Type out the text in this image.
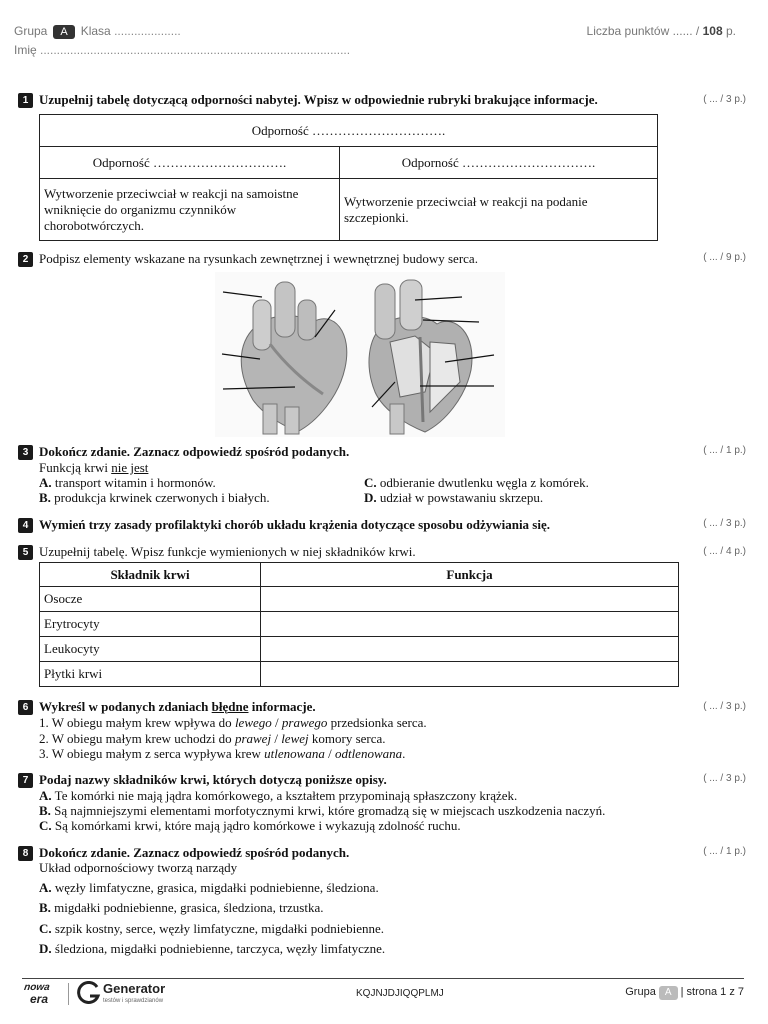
Grupa A Klasa ....................
Imię .............................................................................................
Liczba punktów ...... / 108 p.
1 Uzupełnij tabelę dotyczącą odporności nabytej. Wpisz w odpowiednie rubryki brakujące informacje.	( ... / 3 p.)
Odporność ………………………….	
Odporność ………………………….	Odporność ………………………….
Wytworzenie przeciwciał w reakcji na samoistne wniknięcie do organizmu czynników chorobotwórczych.	Wytworzenie przeciwciał w reakcji na podanie szczepionki.
2 Podpisz elementy wskazane na rysunkach zewnętrznej i wewnętrznej budowy serca.	( ... / 9 p.)
3 Dokończ zdanie. Zaznacz odpowiedź spośród podanych.	( ... / 1 p.)
Funkcją krwi nie jest
A. transport witamin i hormonów.
B. produkcja krwinek czerwonych i białych.
C. odbieranie dwutlenku węgla z komórek.
D. udział w powstawaniu skrzepu.
4 Wymień trzy zasady profilaktyki chorób układu krążenia dotyczące sposobu odżywiania się.	( ... / 3 p.)
5 Uzupełnij tabelę. Wpisz funkcje wymienionych w niej składników krwi.	( ... / 4 p.)
Składnik krwi	Funkcja
Osocze	
Erytrocyty	
Leukocyty	
Płytki krwi	
6 Wykreśl w podanych zdaniach błędne informacje.	( ... / 3 p.)
1. W obiegu małym krew wpływa do lewego / prawego przedsionka serca.
2. W obiegu małym krew uchodzi do prawej / lewej komory serca.
3. W obiegu małym z serca wypływa krew utlenowana / odtlenowana.
7 Podaj nazwy składników krwi, których dotyczą poniższe opisy.	( ... / 3 p.)
A. Te komórki nie mają jądra komórkowego, a kształtem przypominają spłaszczony krążek.
B. Są najmniejszymi elementami morfotycznymi krwi, które gromadzą się w miejscach uszkodzenia naczyń.
C. Są komórkami krwi, które mają jądro komórkowe i wykazują zdolność ruchu.
8 Dokończ zdanie. Zaznacz odpowiedź spośród podanych.	( ... / 1 p.)
Układ odpornościowy tworzą narządy
A. węzły limfatyczne, grasica, migdałki podniebienne, śledziona.
B. migdałki podniebienne, grasica, śledziona, trzustka.
C. szpik kostny, serce, węzły limfatyczne, migdałki podniebienne.
D. śledziona, migdałki podniebienne, tarczyca, węzły limfatyczne.
nowa
era
Generator
testów i sprawdzianów
KQJNJDJIQQPLMJ	Grupa A | strona 1 z 7
